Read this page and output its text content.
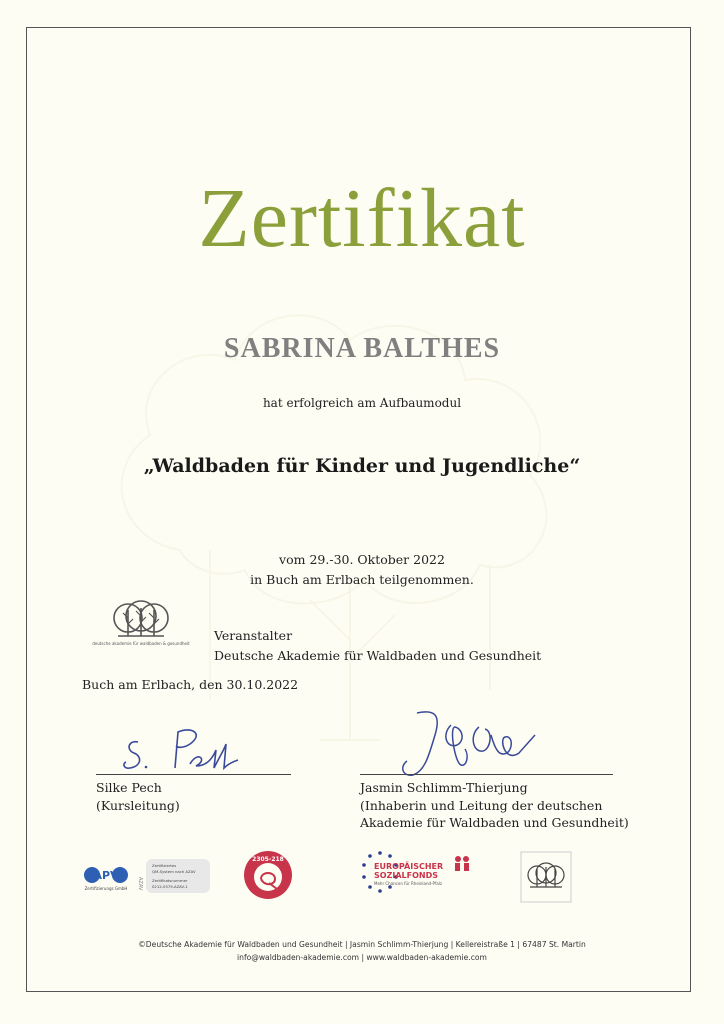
Zertifikat
SABRINA BALTHES
hat erfolgreich am Aufbaumodul
„Waldbaden für Kinder und Jugendliche“
vom 29.-30. Oktober 2022
in Buch am Erlbach teilgenommen.
deutsche akademie für waldbaden & gesundheit
Veranstalter
Deutsche Akademie für Waldbaden und Gesundheit
Buch am Erlbach, den 30.10.2022
Silke Pech
(Kursleitung)
Jasmin Schlimm-Thierjung
(Inhaberin und Leitung der deutschen
Akademie für Waldbaden und Gesundheit)
APV
Zertifizierungs GmbH AZAV
Zertifiziertes
QM-System nach AZAV
Zertifikatsnummer
0212-0579-AZAV-1
2305-218
EUROPÄISCHER
SOZIALFONDS
Mehr Chancen für Rheinland-Pfalz
©Deutsche Akademie für Waldbaden und Gesundheit | Jasmin Schlimm-Thierjung | Kellereistraße 1 | 67487 St. Martin
info@waldbaden-akademie.com | www.waldbaden-akademie.com
